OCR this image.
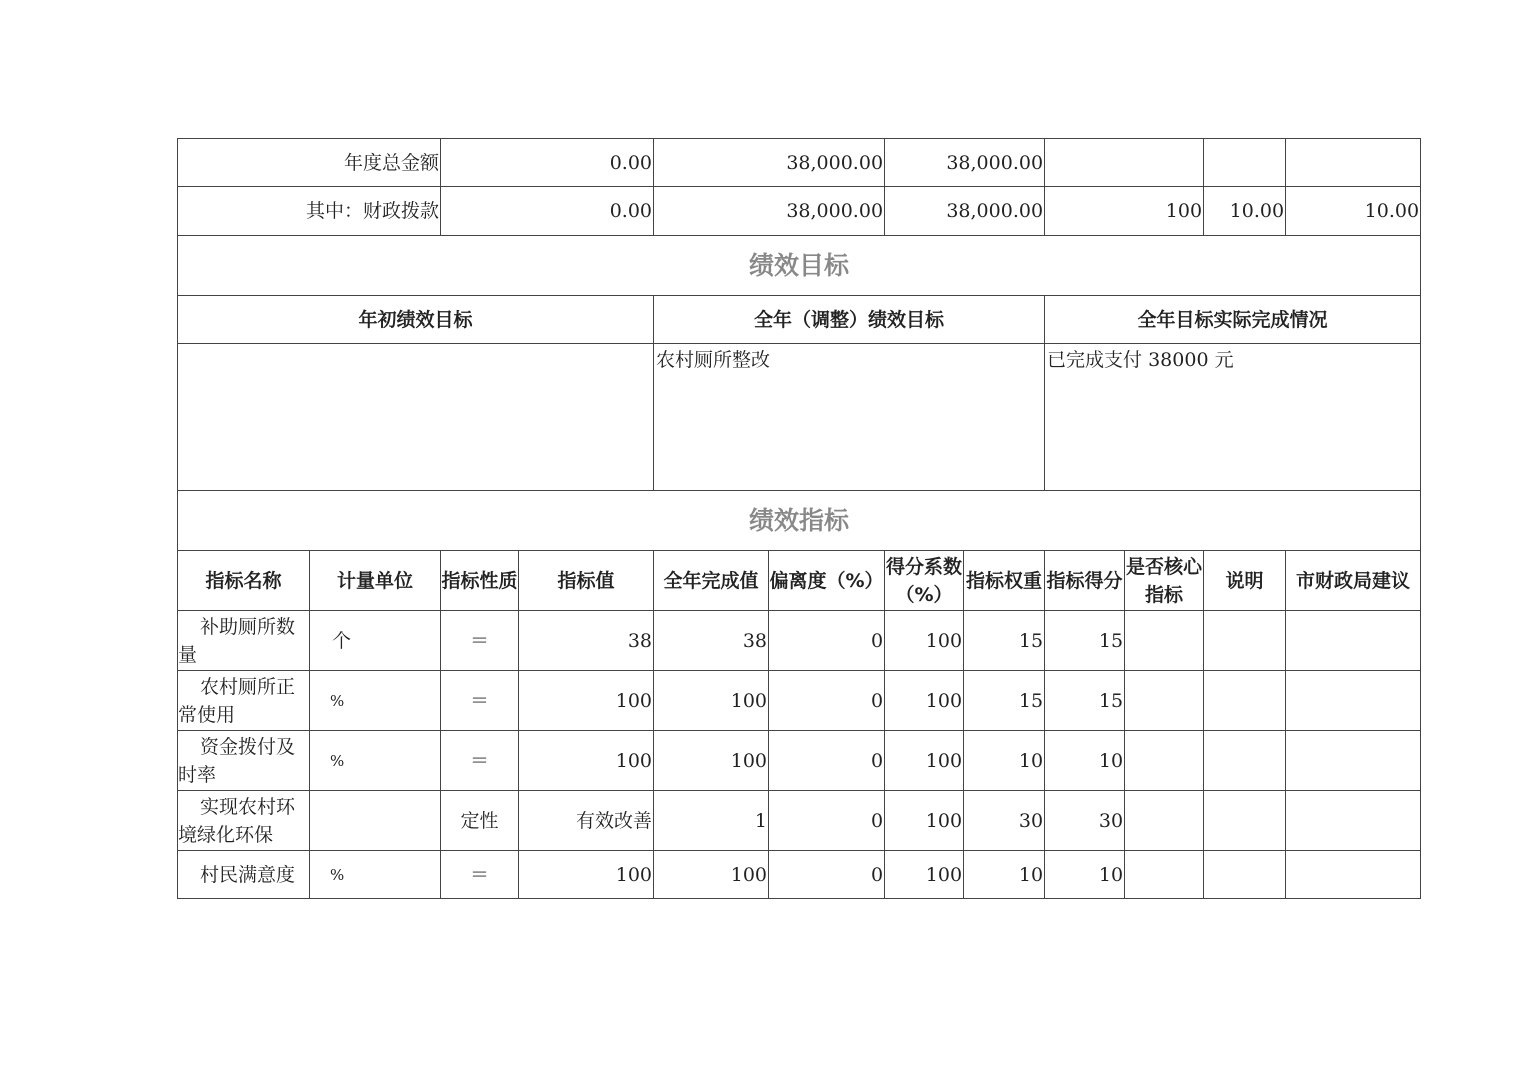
年度总金额		0.00		38,000.00		38,000.00					
其中：财政拨款		0.00		38,000.00		38,000.00		100		10.00	10.00
绩效目标											
年初绩效目标				全年（调整）绩效目标				全年目标实际完成情况			
				农村厕所整改				已完成支付 38000 元			
绩效指标											
指标名称	计量单位	指标性质	指标值	全年完成值	偏离度（%）	得分系数（%）	指标权重	指标得分	是否核心指标	说明	市财政局建议
补助厕所数量	个	＝	38	38	0	100	15	15			
农村厕所正常使用	%	＝	100	100	0	100	15	15			
资金拨付及时率	%	＝	100	100	0	100	10	10			
实现农村环境绿化环保		定性	有效改善	1	0	100	30	30			
村民满意度	%	＝	100	100	0	100	10	10			
